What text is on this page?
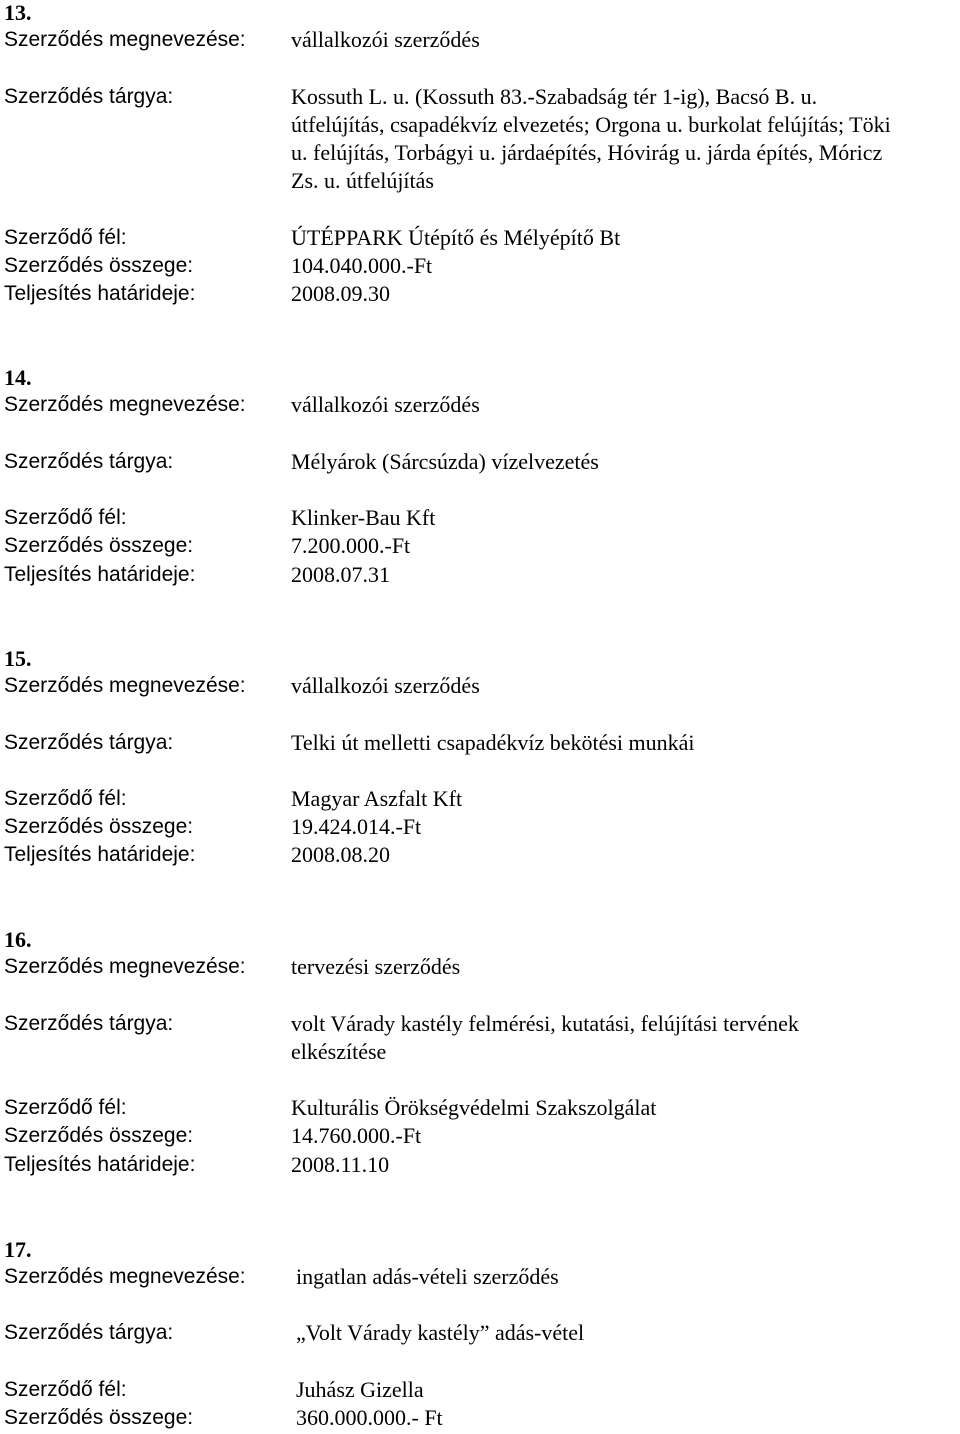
13.
Szerződés megnevezése: vállalkozói szerződés
Szerződés tárgya:	Kossuth L. u. (Kossuth 83.-Szabadság tér 1-ig), Bacsó B. u.
útfelújítás, csapadékvíz elvezetés; Orgona u. burkolat felújítás; Töki
u. felújítás, Torbágyi u. járdaépítés, Hóvirág u. járda építés, Móricz
Zs. u. útfelújítás
Szerződő fél:	ÚTÉPPARK Útépítő és Mélyépítő Bt
Szerződés összege:	104.040.000.-Ft
Teljesítés határideje:	2008.09.30
14.
Szerződés megnevezése: vállalkozói szerződés
Szerződés tárgya:	Mélyárok (Sárcsúzda) vízelvezetés
Szerződő fél:	Klinker-Bau Kft
Szerződés összege:	7.200.000.-Ft
Teljesítés határideje:	2008.07.31
15.
Szerződés megnevezése: vállalkozói szerződés
Szerződés tárgya:	Telki út melletti csapadékvíz bekötési munkái
Szerződő fél:	Magyar Aszfalt Kft
Szerződés összege:	19.424.014.-Ft
Teljesítés határideje:	2008.08.20
16.
Szerződés megnevezése: tervezési szerződés
Szerződés tárgya:	volt Várady kastély felmérési, kutatási, felújítási tervének
elkészítése
Szerződő fél:	Kulturális Örökségvédelmi Szakszolgálat
Szerződés összege:	14.760.000.-Ft
Teljesítés határideje:	2008.11.10
17.
Szerződés megnevezése: ingatlan adás-vételi szerződés
Szerződés tárgya:	„Volt Várady kastély” adás-vétel
Szerződő fél:	Juhász Gizella
Szerződés összege:	360.000.000.- Ft
